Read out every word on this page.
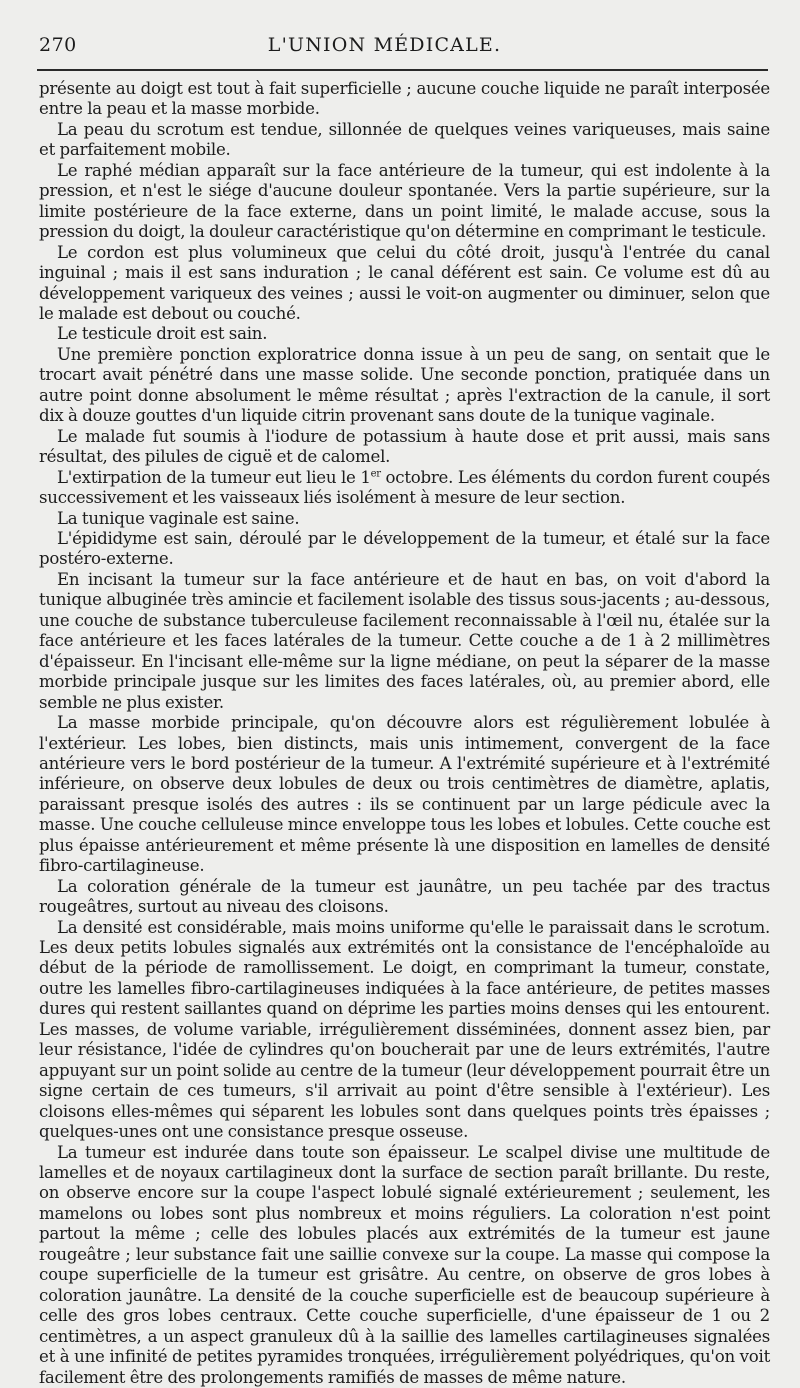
270	L'UNION MÉDICALE.

présente au doigt est tout à fait superficielle ; aucune couche liquide ne paraît interposée entre la peau et la masse morbide.

La peau du scrotum est tendue, sillonnée de quelques veines variqueuses, mais saine et parfaitement mobile.

Le raphé médian apparaît sur la face antérieure de la tumeur, qui est indolente à la pression, et n'est le siége d'aucune douleur spontanée. Vers la partie supérieure, sur la limite postérieure de la face externe, dans un point limité, le malade accuse, sous la pression du doigt, la douleur caractéristique qu'on détermine en comprimant le testicule.

Le cordon est plus volumineux que celui du côté droit, jusqu'à l'entrée du canal inguinal ; mais il est sans induration ; le canal déférent est sain. Ce volume est dû au développement variqueux des veines ; aussi le voit-on augmenter ou diminuer, selon que le malade est debout ou couché.

Le testicule droit est sain.

Une première ponction exploratrice donna issue à un peu de sang, on sentait que le trocart avait pénétré dans une masse solide. Une seconde ponction, pratiquée dans un autre point donne absolument le même résultat ; après l'extraction de la canule, il sort dix à douze gouttes d'un liquide citrin provenant sans doute de la tunique vaginale.

Le malade fut soumis à l'iodure de potassium à haute dose et prit aussi, mais sans résultat, des pilules de ciguë et de calomel.

L'extirpation de la tumeur eut lieu le 1er octobre. Les éléments du cordon furent coupés successivement et les vaisseaux liés isolément à mesure de leur section.

La tunique vaginale est saine.

L'épididyme est sain, déroulé par le développement de la tumeur, et étalé sur la face postéro-externe.

En incisant la tumeur sur la face antérieure et de haut en bas, on voit d'abord la tunique albuginée très amincie et facilement isolable des tissus sous-jacents ; au-dessous, une couche de substance tuberculeuse facilement reconnaissable à l'œil nu, étalée sur la face antérieure et les faces latérales de la tumeur. Cette couche a de 1 à 2 millimètres d'épaisseur. En l'incisant elle-même sur la ligne médiane, on peut la séparer de la masse morbide principale jusque sur les limites des faces latérales, où, au premier abord, elle semble ne plus exister.

La masse morbide principale, qu'on découvre alors est régulièrement lobulée à l'extérieur. Les lobes, bien distincts, mais unis intimement, convergent de la face antérieure vers le bord postérieur de la tumeur. A l'extrémité supérieure et à l'extrémité inférieure, on observe deux lobules de deux ou trois centimètres de diamètre, aplatis, paraissant presque isolés des autres : ils se continuent par un large pédicule avec la masse. Une couche celluleuse mince enveloppe tous les lobes et lobules. Cette couche est plus épaisse antérieurement et même présente là une disposition en lamelles de densité fibro-cartilagineuse.

La coloration générale de la tumeur est jaunâtre, un peu tachée par des tractus rougeâtres, surtout au niveau des cloisons.

La densité est considérable, mais moins uniforme qu'elle le paraissait dans le scrotum. Les deux petits lobules signalés aux extrémités ont la consistance de l'encéphaloïde au début de la période de ramollissement. Le doigt, en comprimant la tumeur, constate, outre les lamelles fibro-cartilagineuses indiquées à la face antérieure, de petites masses dures qui restent saillantes quand on déprime les parties moins denses qui les entourent. Les masses, de volume variable, irrégulièrement disséminées, donnent assez bien, par leur résistance, l'idée de cylindres qu'on boucherait par une de leurs extrémités, l'autre appuyant sur un point solide au centre de la tumeur (leur développement pourrait être un signe certain de ces tumeurs, s'il arrivait au point d'être sensible à l'extérieur). Les cloisons elles-mêmes qui séparent les lobules sont dans quelques points très épaisses ; quelques-unes ont une consistance presque osseuse.

La tumeur est indurée dans toute son épaisseur. Le scalpel divise une multitude de lamelles et de noyaux cartilagineux dont la surface de section paraît brillante. Du reste, on observe encore sur la coupe l'aspect lobulé signalé extérieurement ; seulement, les mamelons ou lobes sont plus nombreux et moins réguliers. La coloration n'est point partout la même ; celle des lobules placés aux extrémités de la tumeur est jaune rougeâtre ; leur substance fait une saillie convexe sur la coupe. La masse qui compose la coupe superficielle de la tumeur est grisâtre. Au centre, on observe de gros lobes à coloration jaunâtre. La densité de la couche superficielle est de beaucoup supérieure à celle des gros lobes centraux. Cette couche superficielle, d'une épaisseur de 1 ou 2 centimètres, a un aspect granuleux dû à la saillie des lamelles cartilagineuses signalées et à une infinité de petites pyramides tronquées, irrégulièrement polyédriques, qu'on voit facilement être des prolongements ramifiés de masses de même nature.
